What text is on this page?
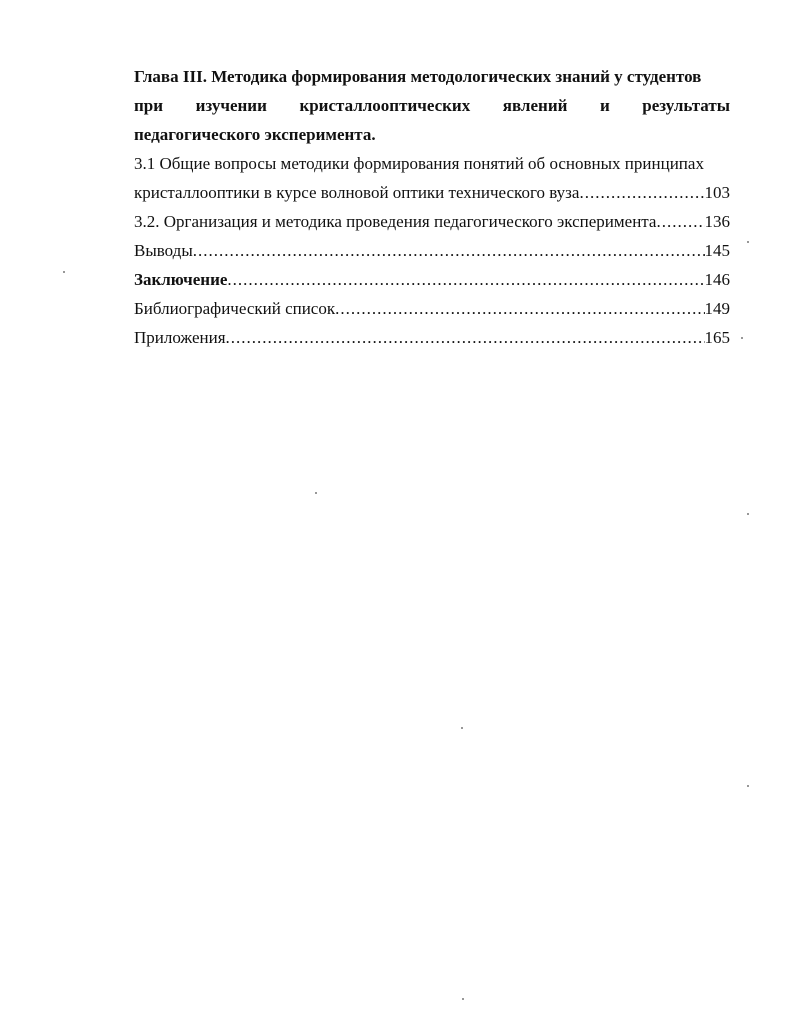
Глава III. Методика формирования методологических знаний у студентов
при изучении кристаллооптических явлений и результаты
педагогического эксперимента.
3.1 Общие вопросы методики формирования понятий об основных принципах
кристаллооптики в курсе волновой оптики технического вуза .....	103
3.2. Организация и методика проведения педагогического эксперимента .....	136
Выводы .....	145
Заключение .....	146
Библиографический список .....	149
Приложения .....	165
